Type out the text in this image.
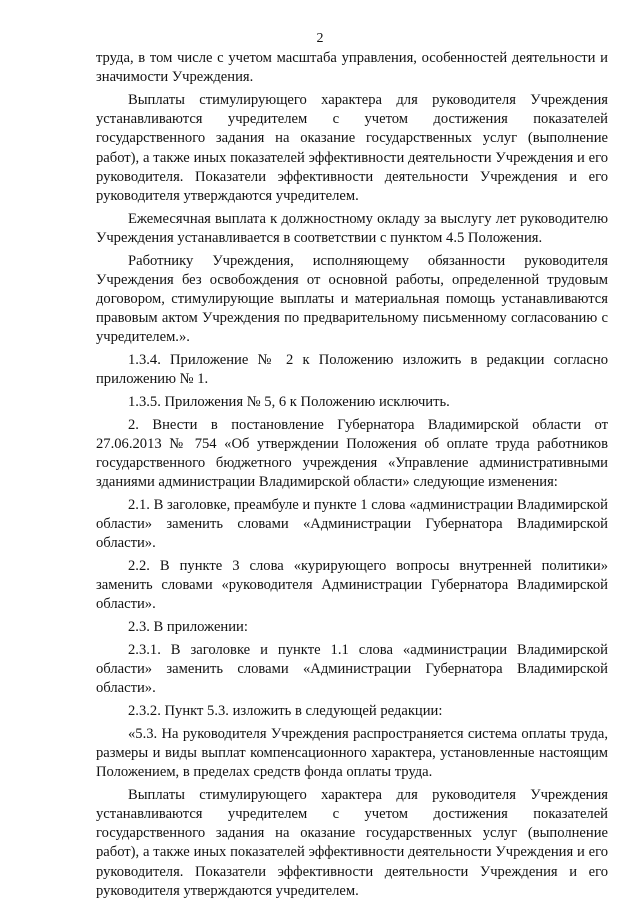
2

труда, в том числе с учетом масштаба управления, особенностей деятельности и значимости Учреждения.

Выплаты стимулирующего характера для руководителя Учреждения устанавливаются учредителем с учетом достижения показателей государственного задания на оказание государственных услуг (выполнение работ), а также иных показателей эффективности деятельности Учреждения и его руководителя. Показатели эффективности деятельности Учреждения и его руководителя утверждаются учредителем.

Ежемесячная выплата к должностному окладу за выслугу лет руководителю Учреждения устанавливается в соответствии с пунктом 4.5 Положения.

Работнику Учреждения, исполняющему обязанности руководителя Учреждения без освобождения от основной работы, определенной трудовым договором, стимулирующие выплаты и материальная помощь устанавливаются правовым актом Учреждения по предварительному письменному согласованию с учредителем.».

1.3.4. Приложение № 2 к Положению изложить в редакции согласно приложению № 1.

1.3.5. Приложения № 5, 6 к Положению исключить.

2. Внести в постановление Губернатора Владимирской области от 27.06.2013 № 754 «Об утверждении Положения об оплате труда работников государственного бюджетного учреждения «Управление административными зданиями администрации Владимирской области» следующие изменения:

2.1. В заголовке, преамбуле и пункте 1 слова «администрации Владимирской области» заменить словами «Администрации Губернатора Владимирской области».

2.2. В пункте 3 слова «курирующего вопросы внутренней политики» заменить словами «руководителя Администрации Губернатора Владимирской области».

2.3. В приложении:

2.3.1. В заголовке и пункте 1.1 слова «администрации Владимирской области» заменить словами «Администрации Губернатора Владимирской области».

2.3.2. Пункт 5.3. изложить в следующей редакции:

«5.3. На руководителя Учреждения распространяется система оплаты труда, размеры и виды выплат компенсационного характера, установленные настоящим Положением, в пределах средств фонда оплаты труда.

Выплаты стимулирующего характера для руководителя Учреждения устанавливаются учредителем с учетом достижения показателей государственного задания на оказание государственных услуг (выполнение работ), а также иных показателей эффективности деятельности Учреждения и его руководителя. Показатели эффективности деятельности Учреждения и его руководителя утверждаются учредителем.
